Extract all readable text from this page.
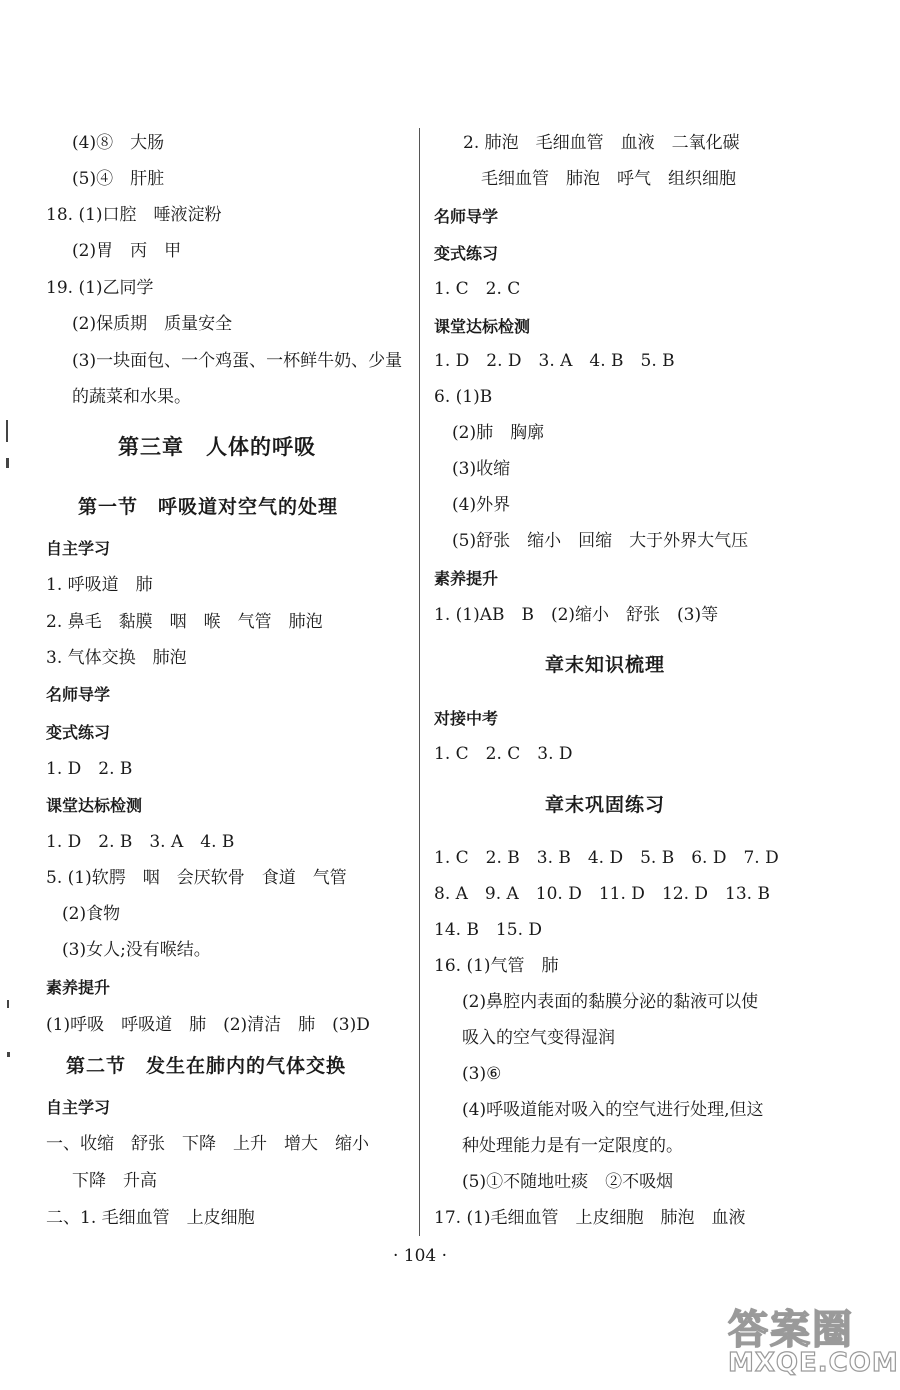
(4)⑧　大肠
(5)④　肝脏
18. (1)口腔　唾液淀粉
(2)胃　丙　甲
19. (1)乙同学
(2)保质期　质量安全
(3)一块面包、一个鸡蛋、一杯鲜牛奶、少量
的蔬菜和水果。
第三章　人体的呼吸
第一节　呼吸道对空气的处理
自主学习
1. 呼吸道　肺
2. 鼻毛　黏膜　咽　喉　气管　肺泡
3. 气体交换　肺泡
名师导学
变式练习
1. D　2. B
课堂达标检测
1. D　2. B　3. A　4. B
5. (1)软腭　咽　会厌软骨　食道　气管
(2)食物
(3)女人;没有喉结。
素养提升
(1)呼吸　呼吸道　肺　(2)清洁　肺　(3)D
第二节　发生在肺内的气体交换
自主学习
一、收缩　舒张　下降　上升　增大　缩小
下降　升高
二、1. 毛细血管　上皮细胞
2. 肺泡　毛细血管　血液　二氧化碳
毛细血管　肺泡　呼气　组织细胞
名师导学
变式练习
1. C　2. C
课堂达标检测
1. D　2. D　3. A　4. B　5. B
6. (1)B
(2)肺　胸廓
(3)收缩
(4)外界
(5)舒张　缩小　回缩　大于外界大气压
素养提升
1. (1)AB　B　(2)缩小　舒张　(3)等
章末知识梳理
对接中考
1. C　2. C　3. D
章末巩固练习
1. C　2. B　3. B　4. D　5. B　6. D　7. D
8. A　9. A　10. D　11. D　12. D　13. B
14. B　15. D
16. (1)气管　肺
(2)鼻腔内表面的黏膜分泌的黏液可以使
吸入的空气变得湿润
(3)⑥
(4)呼吸道能对吸入的空气进行处理,但这
种处理能力是有一定限度的。
(5)①不随地吐痰　②不吸烟
17. (1)毛细血管　上皮细胞　肺泡　血液
· 104 ·
答案圈
MXQE.COM
